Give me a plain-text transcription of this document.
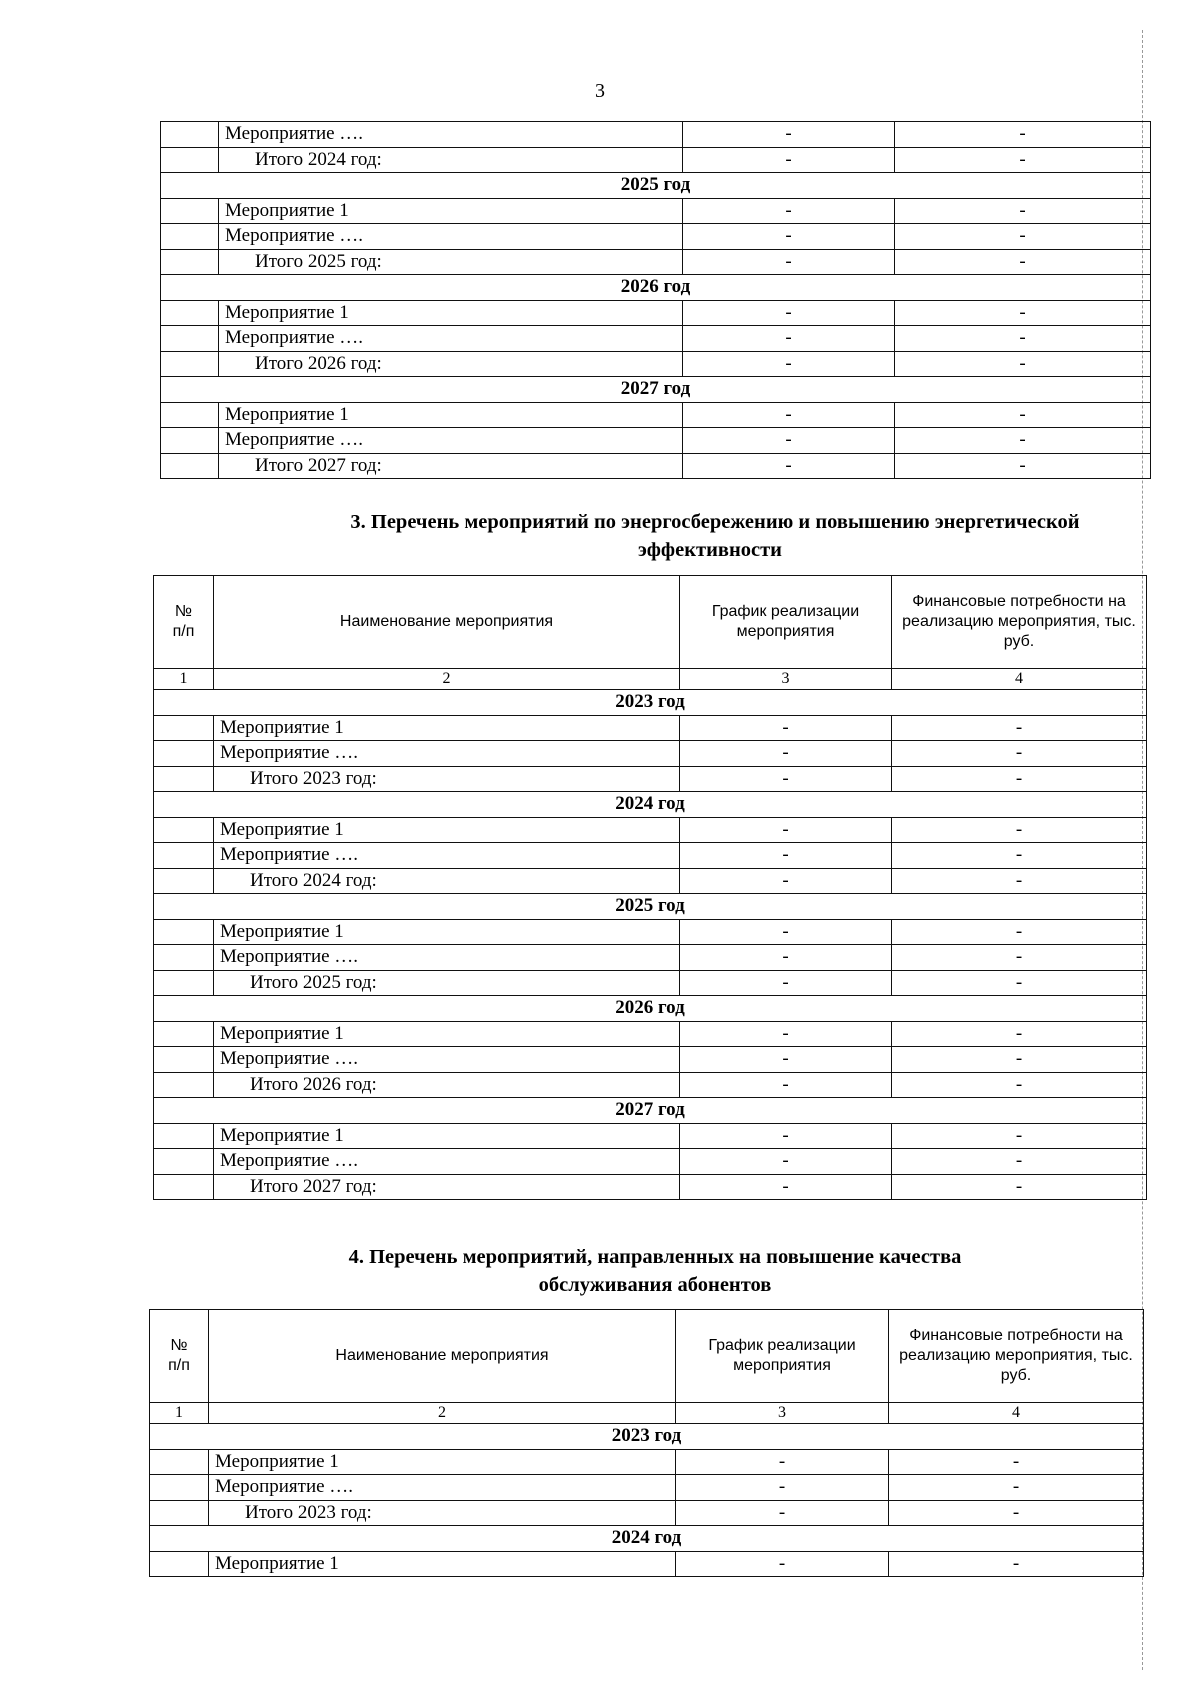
3
	Мероприятие ….	-	-
	Итого 2024 год:	-	-
2025 год			
	Мероприятие 1	-	-
	Мероприятие ….	-	-
	Итого 2025 год:	-	-
2026 год			
	Мероприятие 1	-	-
	Мероприятие ….	-	-
	Итого 2026 год:	-	-
2027 год			
	Мероприятие 1	-	-
	Мероприятие ….	-	-
	Итого 2027 год:	-	-
3. Перечень мероприятий по энергосбережению и повышению энергетической
эффективности
№
п/п	Наименование мероприятия	График реализации мероприятия	Финансовые потребности на реализацию мероприятия, тыс. руб.
1	2	3	4
2023 год			
	Мероприятие 1	-	-
	Мероприятие ….	-	-
	Итого 2023 год:	-	-
2024 год			
	Мероприятие 1	-	-
	Мероприятие ….	-	-
	Итого 2024 год:	-	-
2025 год			
	Мероприятие 1	-	-
	Мероприятие ….	-	-
	Итого 2025 год:	-	-
2026 год			
	Мероприятие 1	-	-
	Мероприятие ….	-	-
	Итого 2026 год:	-	-
2027 год			
	Мероприятие 1	-	-
	Мероприятие ….	-	-
	Итого 2027 год:	-	-
4. Перечень мероприятий, направленных на повышение качества
обслуживания абонентов
№
п/п	Наименование мероприятия	График реализации мероприятия	Финансовые потребности на реализацию мероприятия, тыс. руб.
1	2	3	4
2023 год			
	Мероприятие 1	-	-
	Мероприятие ….	-	-
	Итого 2023 год:	-	-
2024 год			
	Мероприятие 1	-	-
